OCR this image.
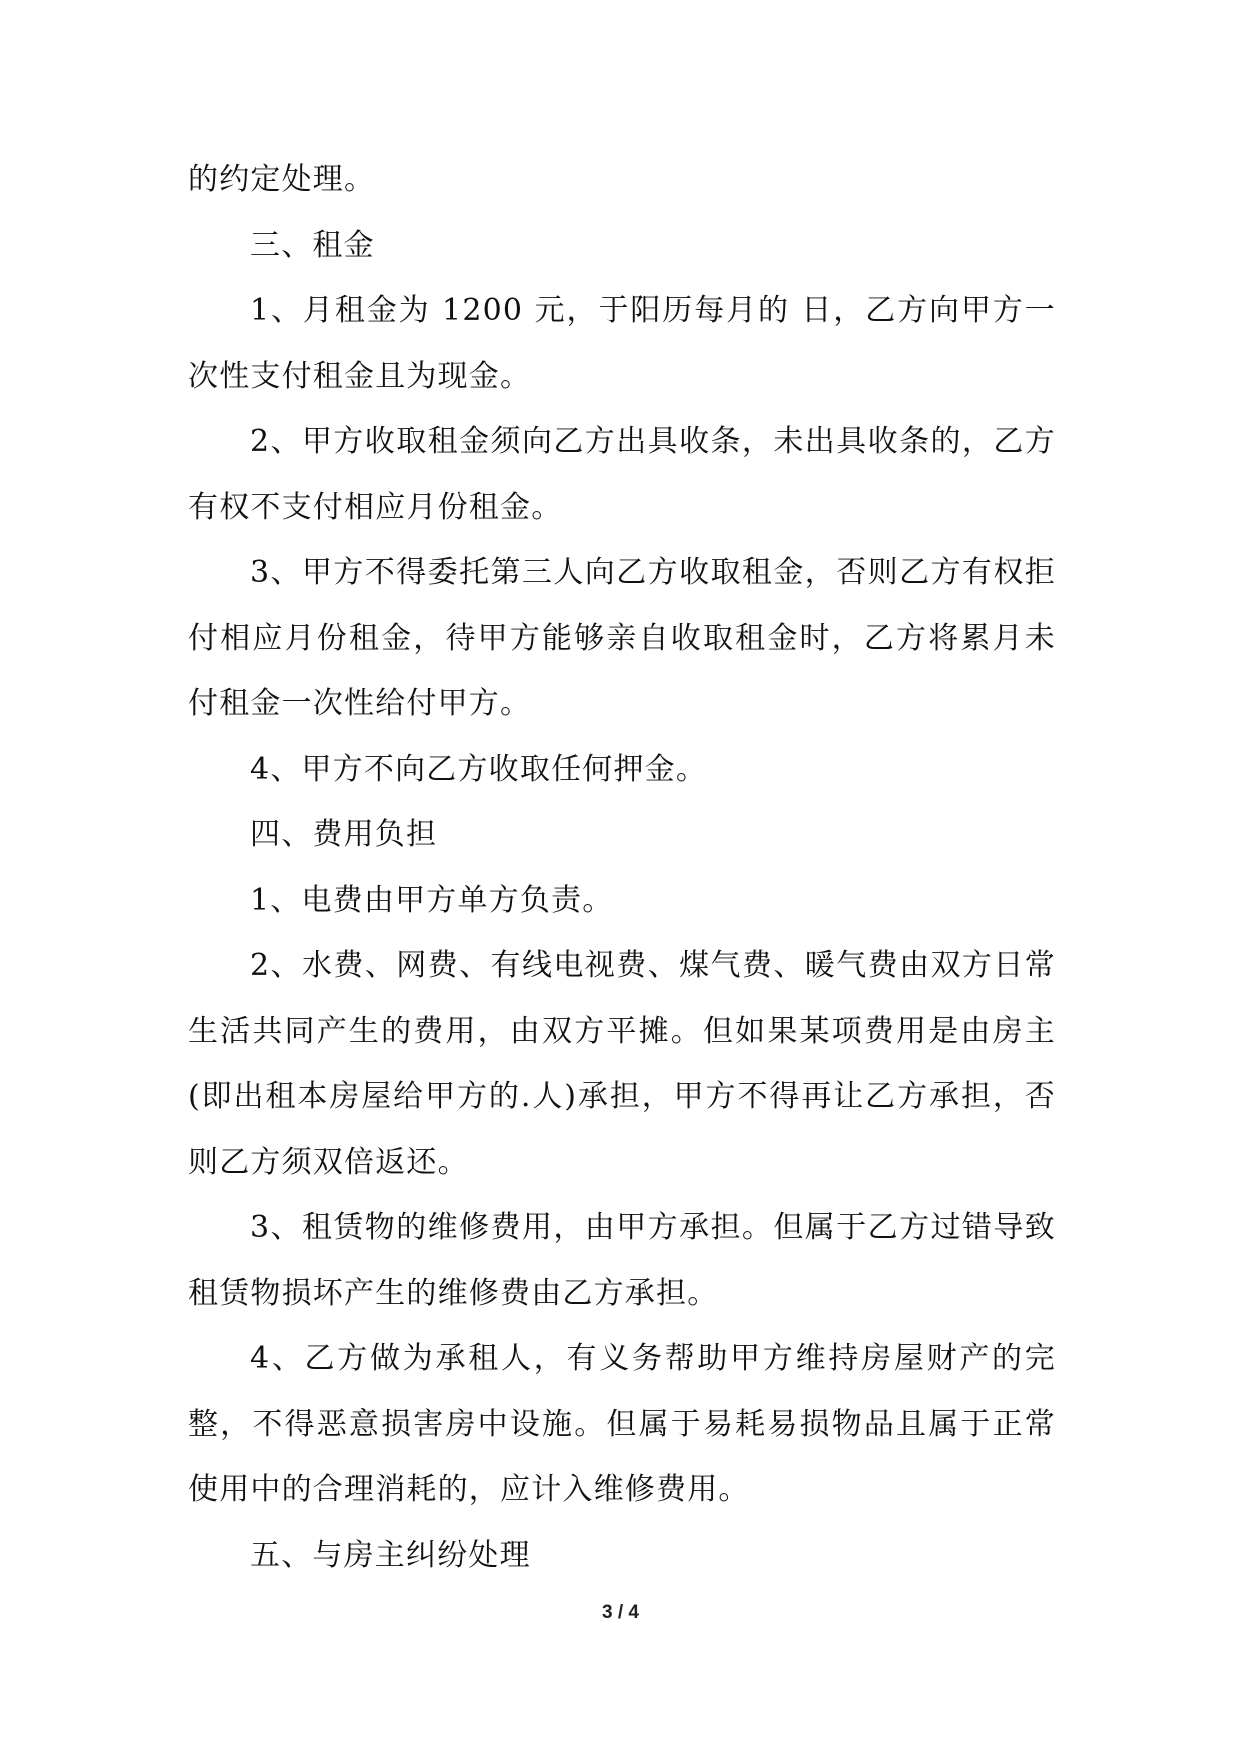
的约定处理。

三、租金

1、月租金为 1200 元，于阳历每月的 日，乙方向甲方一次性支付租金且为现金。

2、甲方收取租金须向乙方出具收条，未出具收条的，乙方有权不支付相应月份租金。

3、甲方不得委托第三人向乙方收取租金，否则乙方有权拒付相应月份租金，待甲方能够亲自收取租金时，乙方将累月未付租金一次性给付甲方。

4、甲方不向乙方收取任何押金。

四、费用负担

1、电费由甲方单方负责。

2、水费、网费、有线电视费、煤气费、暖气费由双方日常生活共同产生的费用，由双方平摊。但如果某项费用是由房主(即出租本房屋给甲方的.人)承担，甲方不得再让乙方承担，否则乙方须双倍返还。

3、租赁物的维修费用，由甲方承担。但属于乙方过错导致租赁物损坏产生的维修费由乙方承担。

4、乙方做为承租人，有义务帮助甲方维持房屋财产的完整，不得恶意损害房中设施。但属于易耗易损物品且属于正常使用中的合理消耗的，应计入维修费用。

五、与房主纠纷处理

3 / 4
